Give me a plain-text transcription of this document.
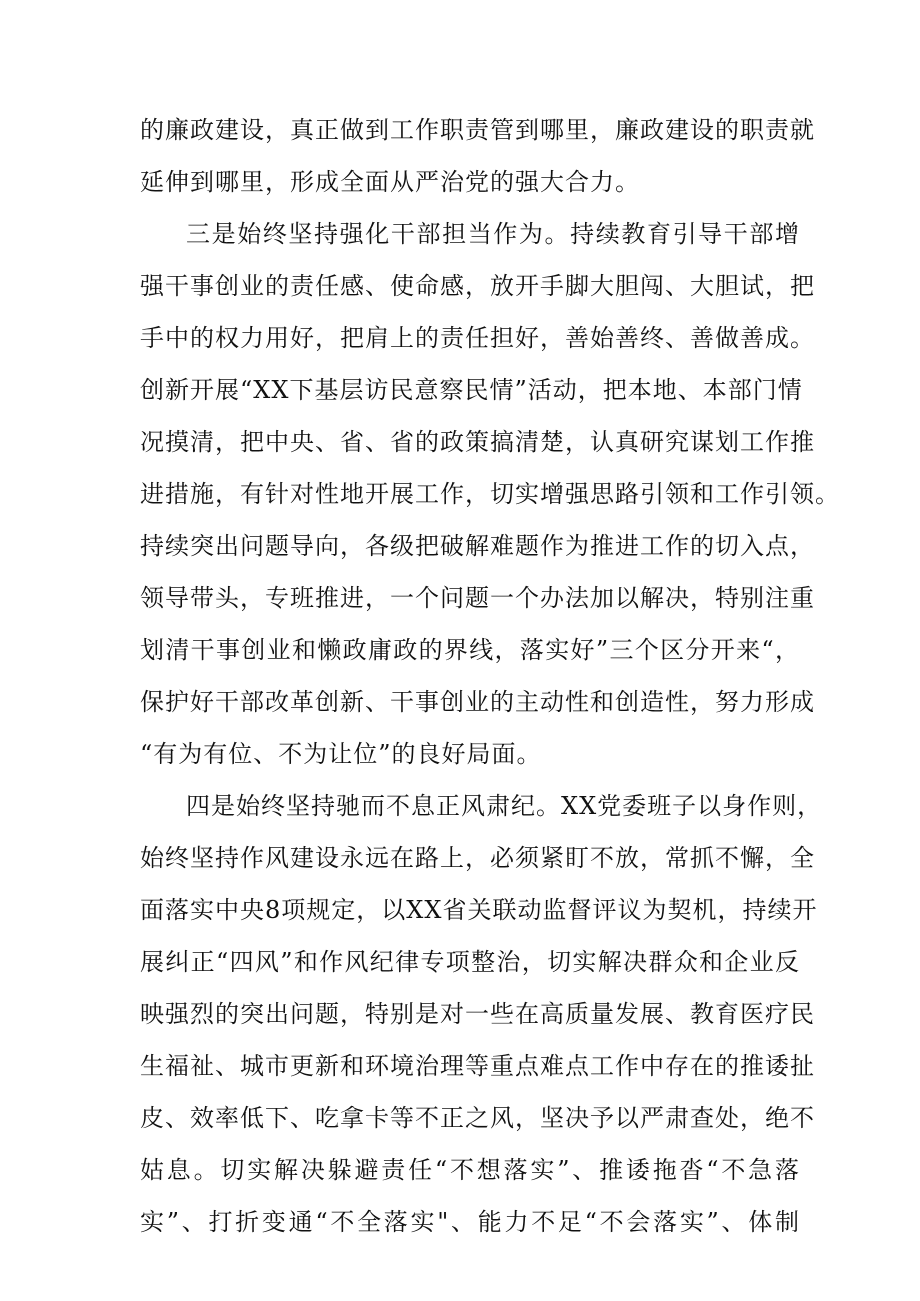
的廉政建设，真正做到工作职责管到哪里，廉政建设的职责就

延伸到哪里，形成全面从严治党的强大合力。

三是始终坚持强化干部担当作为。持续教育引导干部增

强干事创业的责任感、使命感，放开手脚大胆闯、大胆试，把

手中的权力用好，把肩上的责任担好，善始善终、善做善成。

创新开展“XX下基层访民意察民情”活动，把本地、本部门情

况摸清，把中央、省、省的政策搞清楚，认真研究谋划工作推

进措施，有针对性地开展工作，切实增强思路引领和工作引领。

持续突出问题导向，各级把破解难题作为推进工作的切入点，

领导带头，专班推进，一个问题一个办法加以解决，特别注重

划清干事创业和懒政庸政的界线，落实好”三个区分开来“，

保护好干部改革创新、干事创业的主动性和创造性，努力形成

“有为有位、不为让位”的良好局面。

四是始终坚持驰而不息正风肃纪。XX党委班子以身作则，

始终坚持作风建设永远在路上，必须紧盯不放，常抓不懈，全

面落实中央8项规定，以XX省关联动监督评议为契机，持续开

展纠正“四风”和作风纪律专项整治，切实解决群众和企业反

映强烈的突出问题，特别是对一些在高质量发展、教育医疗民

生福祉、城市更新和环境治理等重点难点工作中存在的推诿扯

皮、效率低下、吃拿卡等不正之风，坚决予以严肃查处，绝不

姑息。切实解决躲避责任“不想落实”、推诿拖沓“不急落

实”、打折变通“不全落实"、能力不足“不会落实”、体制
